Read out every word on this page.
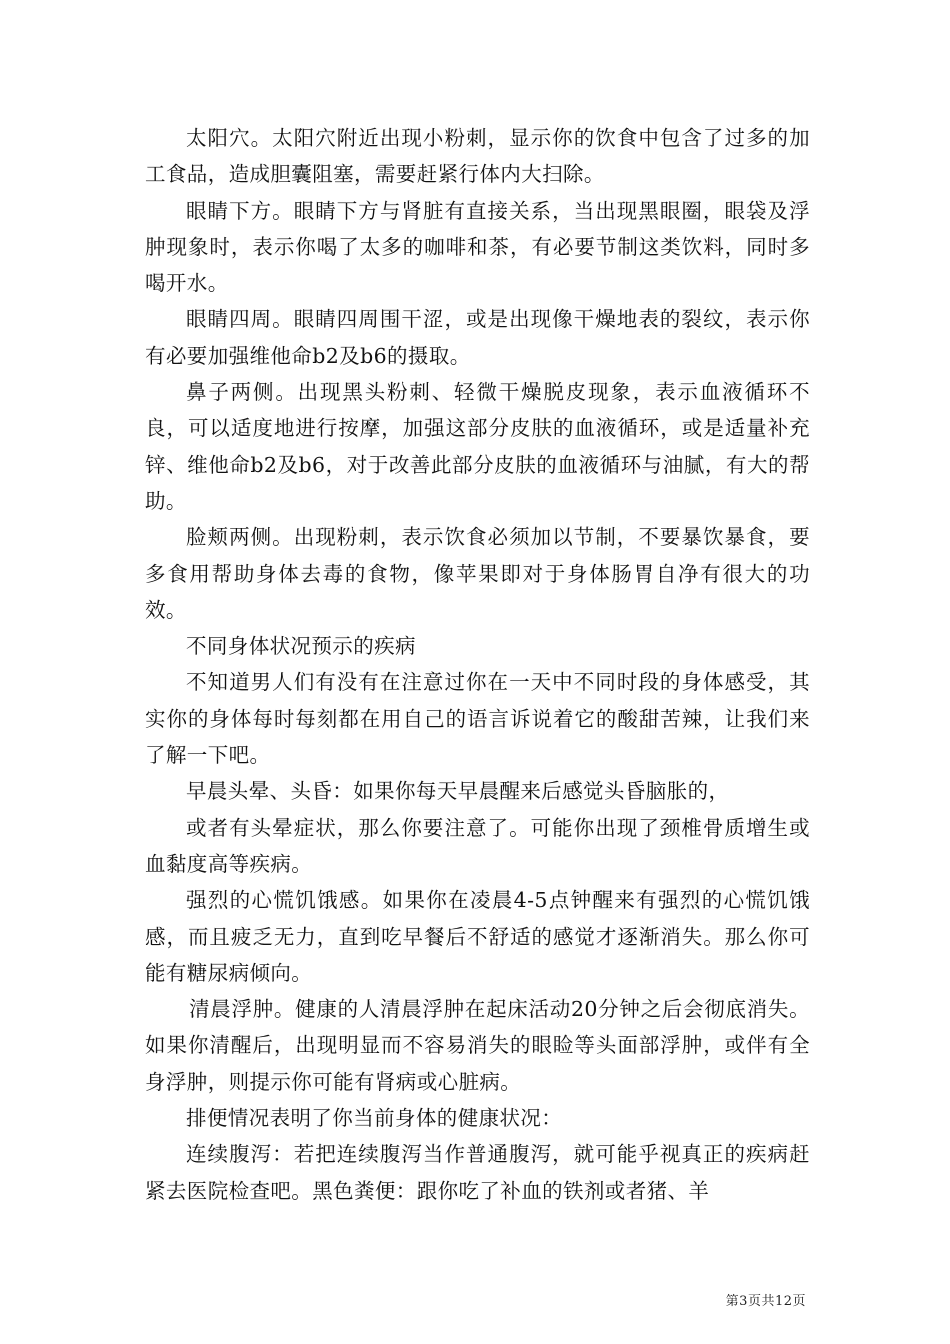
太阳穴。太阳穴附近出现小粉刺，显示你的饮食中包含了过多的加工食品，造成胆囊阻塞，需要赶紧行体内大扫除。

眼睛下方。眼睛下方与肾脏有直接关系，当出现黑眼圈，眼袋及浮肿现象时，表示你喝了太多的咖啡和茶，有必要节制这类饮料，同时多喝开水。

眼睛四周。眼睛四周围干涩，或是出现像干燥地表的裂纹，表示你有必要加强维他命b2及b6的摄取。

鼻子两侧。出现黑头粉刺、轻微干燥脱皮现象，表示血液循环不良，可以适度地进行按摩，加强这部分皮肤的血液循环，或是适量补充锌、维他命b2及b6，对于改善此部分皮肤的血液循环与油腻，有大的帮助。

脸颊两侧。出现粉刺，表示饮食必须加以节制，不要暴饮暴食，要多食用帮助身体去毒的食物，像苹果即对于身体肠胃自净有很大的功效。

不同身体状况预示的疾病

不知道男人们有没有在注意过你在一天中不同时段的身体感受，其实你的身体每时每刻都在用自己的语言诉说着它的酸甜苦辣，让我们来了解一下吧。

早晨头晕、头昏：如果你每天早晨醒来后感觉头昏脑胀的，

或者有头晕症状，那么你要注意了。可能你出现了颈椎骨质增生或血黏度高等疾病。

强烈的心慌饥饿感。如果你在凌晨4-5点钟醒来有强烈的心慌饥饿感，而且疲乏无力，直到吃早餐后不舒适的感觉才逐渐消失。那么你可能有糖尿病倾向。

清晨浮肿。健康的人清晨浮肿在起床活动20分钟之后会彻底消失。如果你清醒后，出现明显而不容易消失的眼睑等头面部浮肿，或伴有全身浮肿，则提示你可能有肾病或心脏病。

排便情况表明了你当前身体的健康状况：

连续腹泻：若把连续腹泻当作普通腹泻，就可能乎视真正的疾病赶紧去医院检查吧。黑色粪便：跟你吃了补血的铁剂或者猪、羊

第3页共12页
